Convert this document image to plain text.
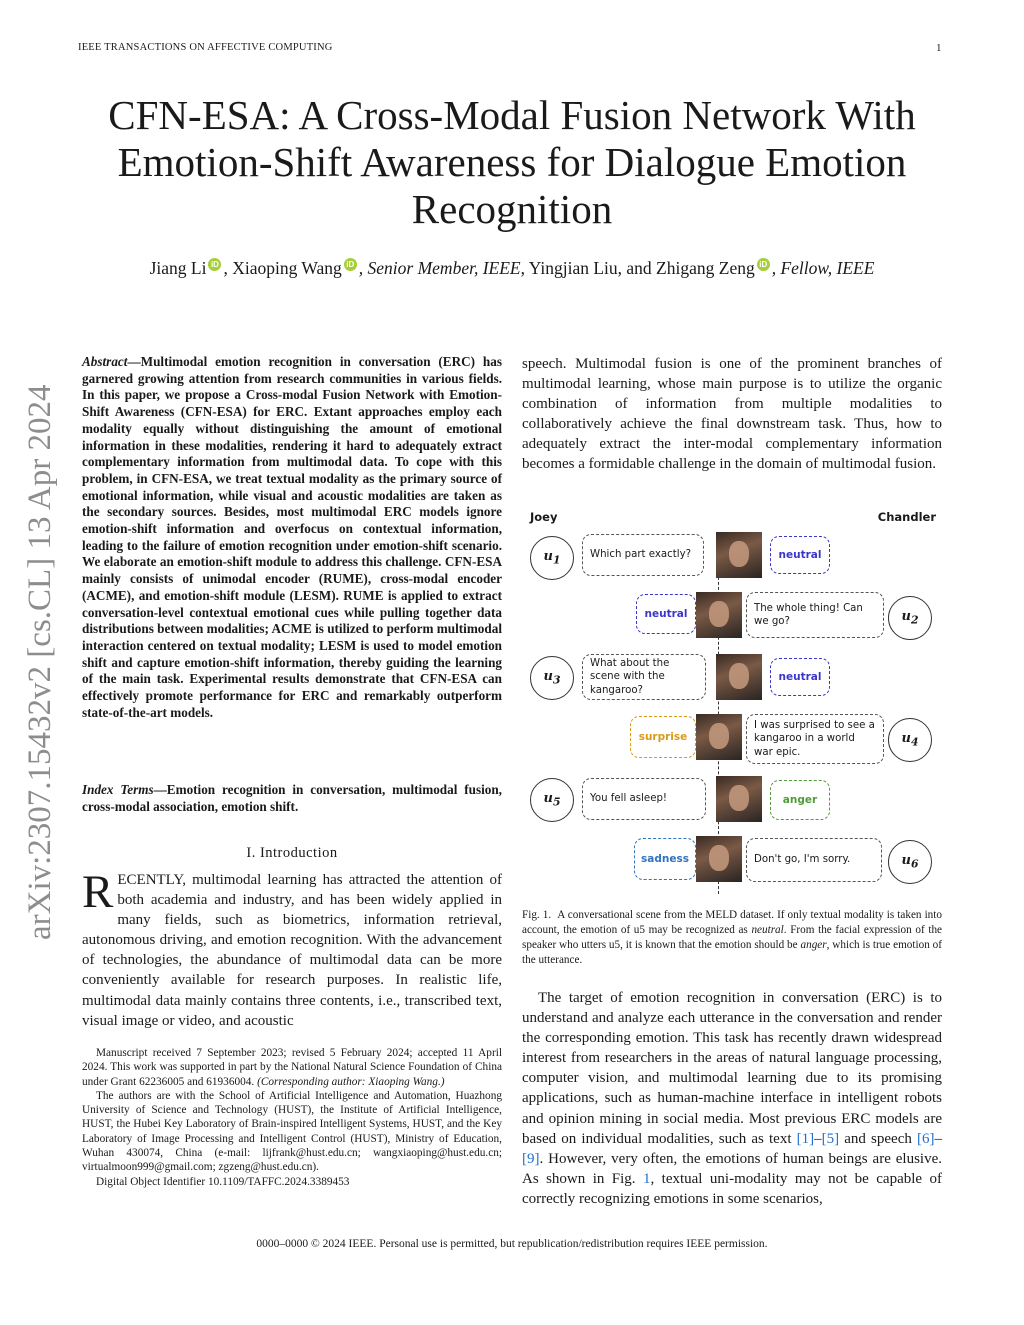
IEEE TRANSACTIONS ON AFFECTIVE COMPUTING	1
CFN-ESA: A Cross-Modal Fusion Network With Emotion-Shift Awareness for Dialogue Emotion Recognition
Jiang Li iD , Xiaoping Wang iD , Senior Member, IEEE, Yingjian Liu, and Zhigang Zeng iD , Fellow, IEEE
arXiv:2307.15432v2 [cs.CL] 13 Apr 2024
Abstract—Multimodal emotion recognition in conversation (ERC) has garnered growing attention from research communities in various fields. In this paper, we propose a Cross-modal Fusion Network with Emotion-Shift Awareness (CFN-ESA) for ERC. Extant approaches employ each modality equally without distinguishing the amount of emotional information in these modalities, rendering it hard to adequately extract complementary information from multimodal data. To cope with this problem, in CFN-ESA, we treat textual modality as the primary source of emotional information, while visual and acoustic modalities are taken as the secondary sources. Besides, most multimodal ERC models ignore emotion-shift information and overfocus on contextual information, leading to the failure of emotion recognition under emotion-shift scenario. We elaborate an emotion-shift module to address this challenge. CFN-ESA mainly consists of unimodal encoder (RUME), cross-modal encoder (ACME), and emotion-shift module (LESM). RUME is applied to extract conversation-level contextual emotional cues while pulling together data distributions between modalities; ACME is utilized to perform multimodal interaction centered on textual modality; LESM is used to model emotion shift and capture emotion-shift information, thereby guiding the learning of the main task. Experimental results demonstrate that CFN-ESA can effectively promote performance for ERC and remarkably outperform state-of-the-art models.
Index Terms—Emotion recognition in conversation, multimodal fusion, cross-modal association, emotion shift.
I. Introduction
RECENTLY, multimodal learning has attracted the attention of both academia and industry, and has been widely applied in many fields, such as biometrics, information retrieval, autonomous driving, and emotion recognition. With the advancement of technologies, the abundance of multimodal data can be more conveniently available for research purposes. In realistic life, multimodal data mainly contains three contents, i.e., transcribed text, visual image or video, and acoustic

Manuscript received 7 September 2023; revised 5 February 2024; accepted 11 April 2024. This work was supported in part by the National Natural Science Foundation of China under Grant 62236005 and 61936004. (Corresponding author: Xiaoping Wang.)

The authors are with the School of Artificial Intelligence and Automation, Huazhong University of Science and Technology (HUST), the Institute of Artificial Intelligence, HUST, the Hubei Key Laboratory of Brain-inspired Intelligent Systems, HUST, and the Key Laboratory of Image Processing and Intelligent Control (HUST), Ministry of Education, Wuhan 430074, China (e-mail: lijfrank@hust.edu.cn; wangxiaoping@hust.edu.cn; virtualmoon999@gmail.com; zgzeng@hust.edu.cn).

Digital Object Identifier 10.1109/TAFFC.2024.3389453

speech. Multimodal fusion is one of the prominent branches of multimodal learning, whose main purpose is to utilize the organic combination of information from multiple modalities to collaboratively achieve the final downstream task. Thus, how to adequately extract the inter-modal complementary information becomes a formidable challenge in the domain of multimodal fusion.
Joey	Chandler
$u_1$	Which part exactly?	neutral
neutral	The whole thing! Can we go?	$u_2$
$u_3$
What about the scene with the kangaroo?
neutral
surprise
I was surprised to see a kangaroo in a world war epic.
$u_4$
$u_5$	You fell asleep!	anger
sadness	Don't go, I'm sorry.	$u_6$
Fig. 1. A conversational scene from the MELD dataset. If only textual modality is taken into account, the emotion of u5 may be recognized as neutral. From the facial expression of the speaker who utters u5, it is known that the emotion should be anger, which is true emotion of the utterance.

The target of emotion recognition in conversation (ERC) is to understand and analyze each utterance in the conversation and render the corresponding emotion. This task has recently drawn widespread interest from researchers in the areas of natural language processing, computer vision, and multimodal learning due to its promising applications, such as human-machine interface in intelligent robots and opinion mining in social media. Most previous ERC models are based on individual modalities, such as text [1]–[5] and speech [6]–[9]. However, very often, the emotions of human beings are elusive. As shown in Fig. 1, textual uni-modality may not be capable of correctly recognizing emotions in some scenarios,

0000–0000 © 2024 IEEE. Personal use is permitted, but republication/redistribution requires IEEE permission.
